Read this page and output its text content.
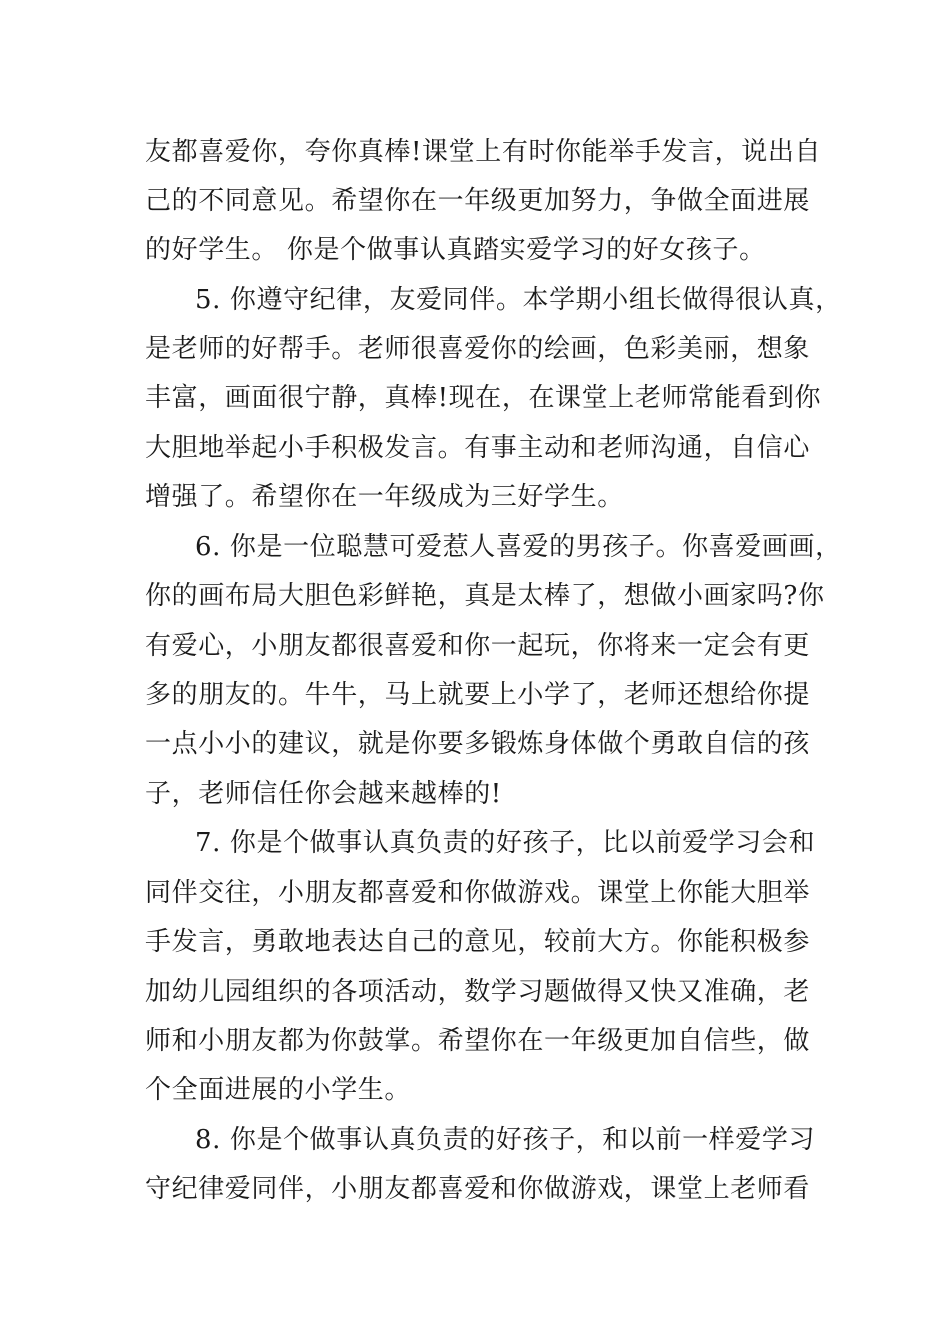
友都喜爱你，夸你真棒!课堂上有时你能举手发言，说出自
己的不同意见。希望你在一年级更加努力，争做全面进展
的好学生。 你是个做事认真踏实爱学习的好女孩子。
5. 你遵守纪律，友爱同伴。本学期小组长做得很认真，
是老师的好帮手。老师很喜爱你的绘画，色彩美丽，想象
丰富，画面很宁静，真棒!现在，在课堂上老师常能看到你
大胆地举起小手积极发言。有事主动和老师沟通，自信心
增强了。希望你在一年级成为三好学生。
6. 你是一位聪慧可爱惹人喜爱的男孩子。你喜爱画画，
你的画布局大胆色彩鲜艳，真是太棒了，想做小画家吗?你
有爱心，小朋友都很喜爱和你一起玩，你将来一定会有更
多的朋友的。牛牛，马上就要上小学了，老师还想给你提
一点小小的建议，就是你要多锻炼身体做个勇敢自信的孩
子，老师信任你会越来越棒的!
7. 你是个做事认真负责的好孩子，比以前爱学习会和
同伴交往，小朋友都喜爱和你做游戏。课堂上你能大胆举
手发言，勇敢地表达自己的意见，较前大方。你能积极参
加幼儿园组织的各项活动，数学习题做得又快又准确，老
师和小朋友都为你鼓掌。希望你在一年级更加自信些，做
个全面进展的小学生。
8. 你是个做事认真负责的好孩子，和以前一样爱学习
守纪律爱同伴，小朋友都喜爱和你做游戏，课堂上老师看
